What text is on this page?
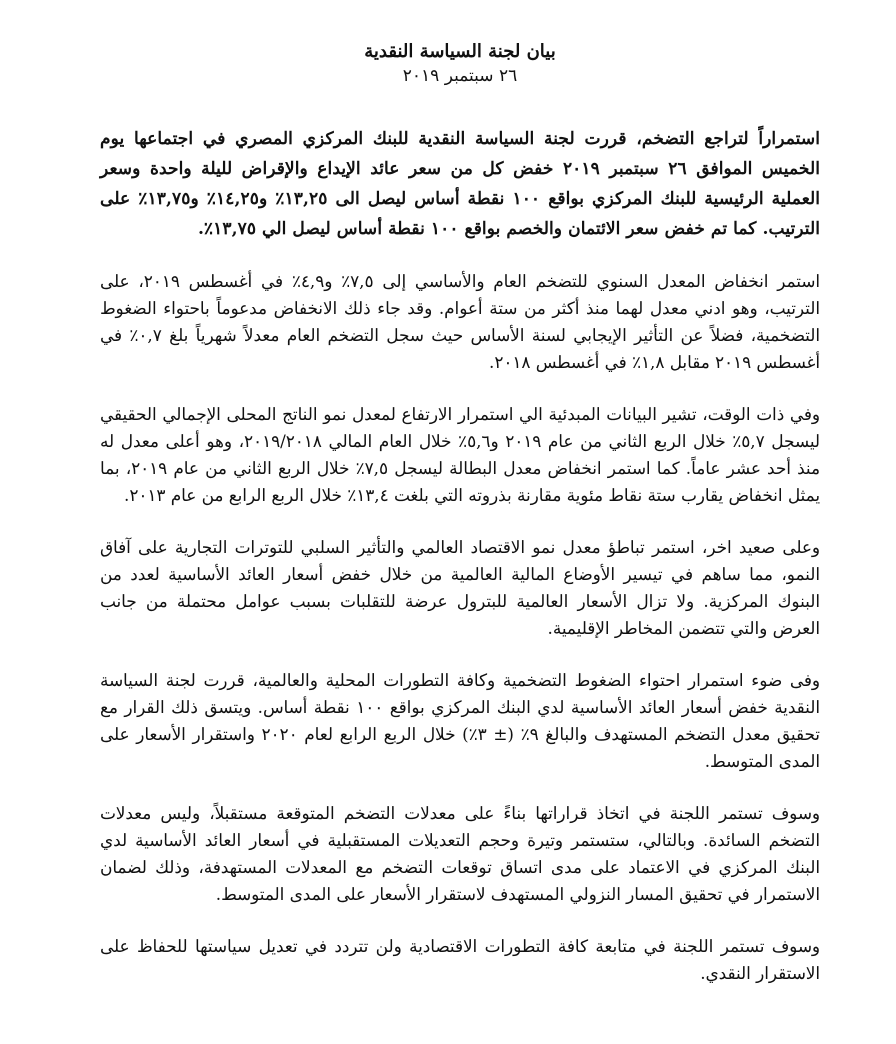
بيان لجنة السياسة النقدية

٢٦ سبتمبر ٢٠١٩

استمراراً لتراجع التضخم، قررت لجنة السياسة النقدية للبنك المركزي المصري في اجتماعها يوم الخميس الموافق ٢٦ سبتمبر ٢٠١٩ خفض كل من سعر عائد الإيداع والإقراض لليلة واحدة وسعر العملية الرئيسية للبنك المركزي بواقع ١٠٠ نقطة أساس ليصل الى ١٣,٢٥٪ و١٤,٢٥٪ و١٣,٧٥٪ على الترتيب. كما تم خفض سعر الائتمان والخصم بواقع ١٠٠ نقطة أساس ليصل الي ١٣,٧٥٪.

استمر انخفاض المعدل السنوي للتضخم العام والأساسي إلى ٧,٥٪ و٤,٩٪ في أغسطس ٢٠١٩، على الترتيب، وهو ادني معدل لهما منذ أكثر من ستة أعوام. وقد جاء ذلك الانخفاض مدعوماً باحتواء الضغوط التضخمية، فضلاً عن التأثير الإيجابي لسنة الأساس حيث سجل التضخم العام معدلاً شهرياً بلغ ٠,٧٪ في أغسطس ٢٠١٩ مقابل ١,٨٪ في أغسطس ٢٠١٨.

وفي ذات الوقت، تشير البيانات المبدئية الي استمرار الارتفاع لمعدل نمو الناتج المحلى الإجمالي الحقيقي ليسجل ٥,٧٪ خلال الربع الثاني من عام ٢٠١٩ و٥,٦٪ خلال العام المالي ٢٠١٩/٢٠١٨، وهو أعلى معدل له منذ أحد عشر عاماً. كما استمر انخفاض معدل البطالة ليسجل ٧,٥٪ خلال الربع الثاني من عام ٢٠١٩، بما يمثل انخفاض يقارب ستة نقاط مئوية مقارنة بذروته التي بلغت ١٣,٤٪ خلال الربع الرابع من عام ٢٠١٣.

وعلى صعيد اخر، استمر تباطؤ معدل نمو الاقتصاد العالمي والتأثير السلبي للتوترات التجارية على آفاق النمو، مما ساهم في تيسير الأوضاع المالية العالمية من خلال خفض أسعار العائد الأساسية لعدد من البنوك المركزية. ولا تزال الأسعار العالمية للبترول عرضة للتقلبات بسبب عوامل محتملة من جانب العرض والتي تتضمن المخاطر الإقليمية.

وفى ضوء استمرار احتواء الضغوط التضخمية وكافة التطورات المحلية والعالمية، قررت لجنة السياسة النقدية خفض أسعار العائد الأساسية لدي البنك المركزي بواقع ١٠٠ نقطة أساس. ويتسق ذلك القرار مع تحقيق معدل التضخم المستهدف والبالغ ٩٪ (± ٣٪) خلال الربع الرابع لعام ٢٠٢٠ واستقرار الأسعار على المدى المتوسط.

وسوف تستمر اللجنة في اتخاذ قراراتها بناءً على معدلات التضخم المتوقعة مستقبلاً، وليس معدلات التضخم السائدة. وبالتالي، ستستمر وتيرة وحجم التعديلات المستقبلية في أسعار العائد الأساسية لدي البنك المركزي في الاعتماد على مدى اتساق توقعات التضخم مع المعدلات المستهدفة، وذلك لضمان الاستمرار في تحقيق المسار النزولي المستهدف لاستقرار الأسعار على المدى المتوسط.

وسوف تستمر اللجنة في متابعة كافة التطورات الاقتصادية ولن تتردد في تعديل سياستها للحفاظ على الاستقرار النقدي.
